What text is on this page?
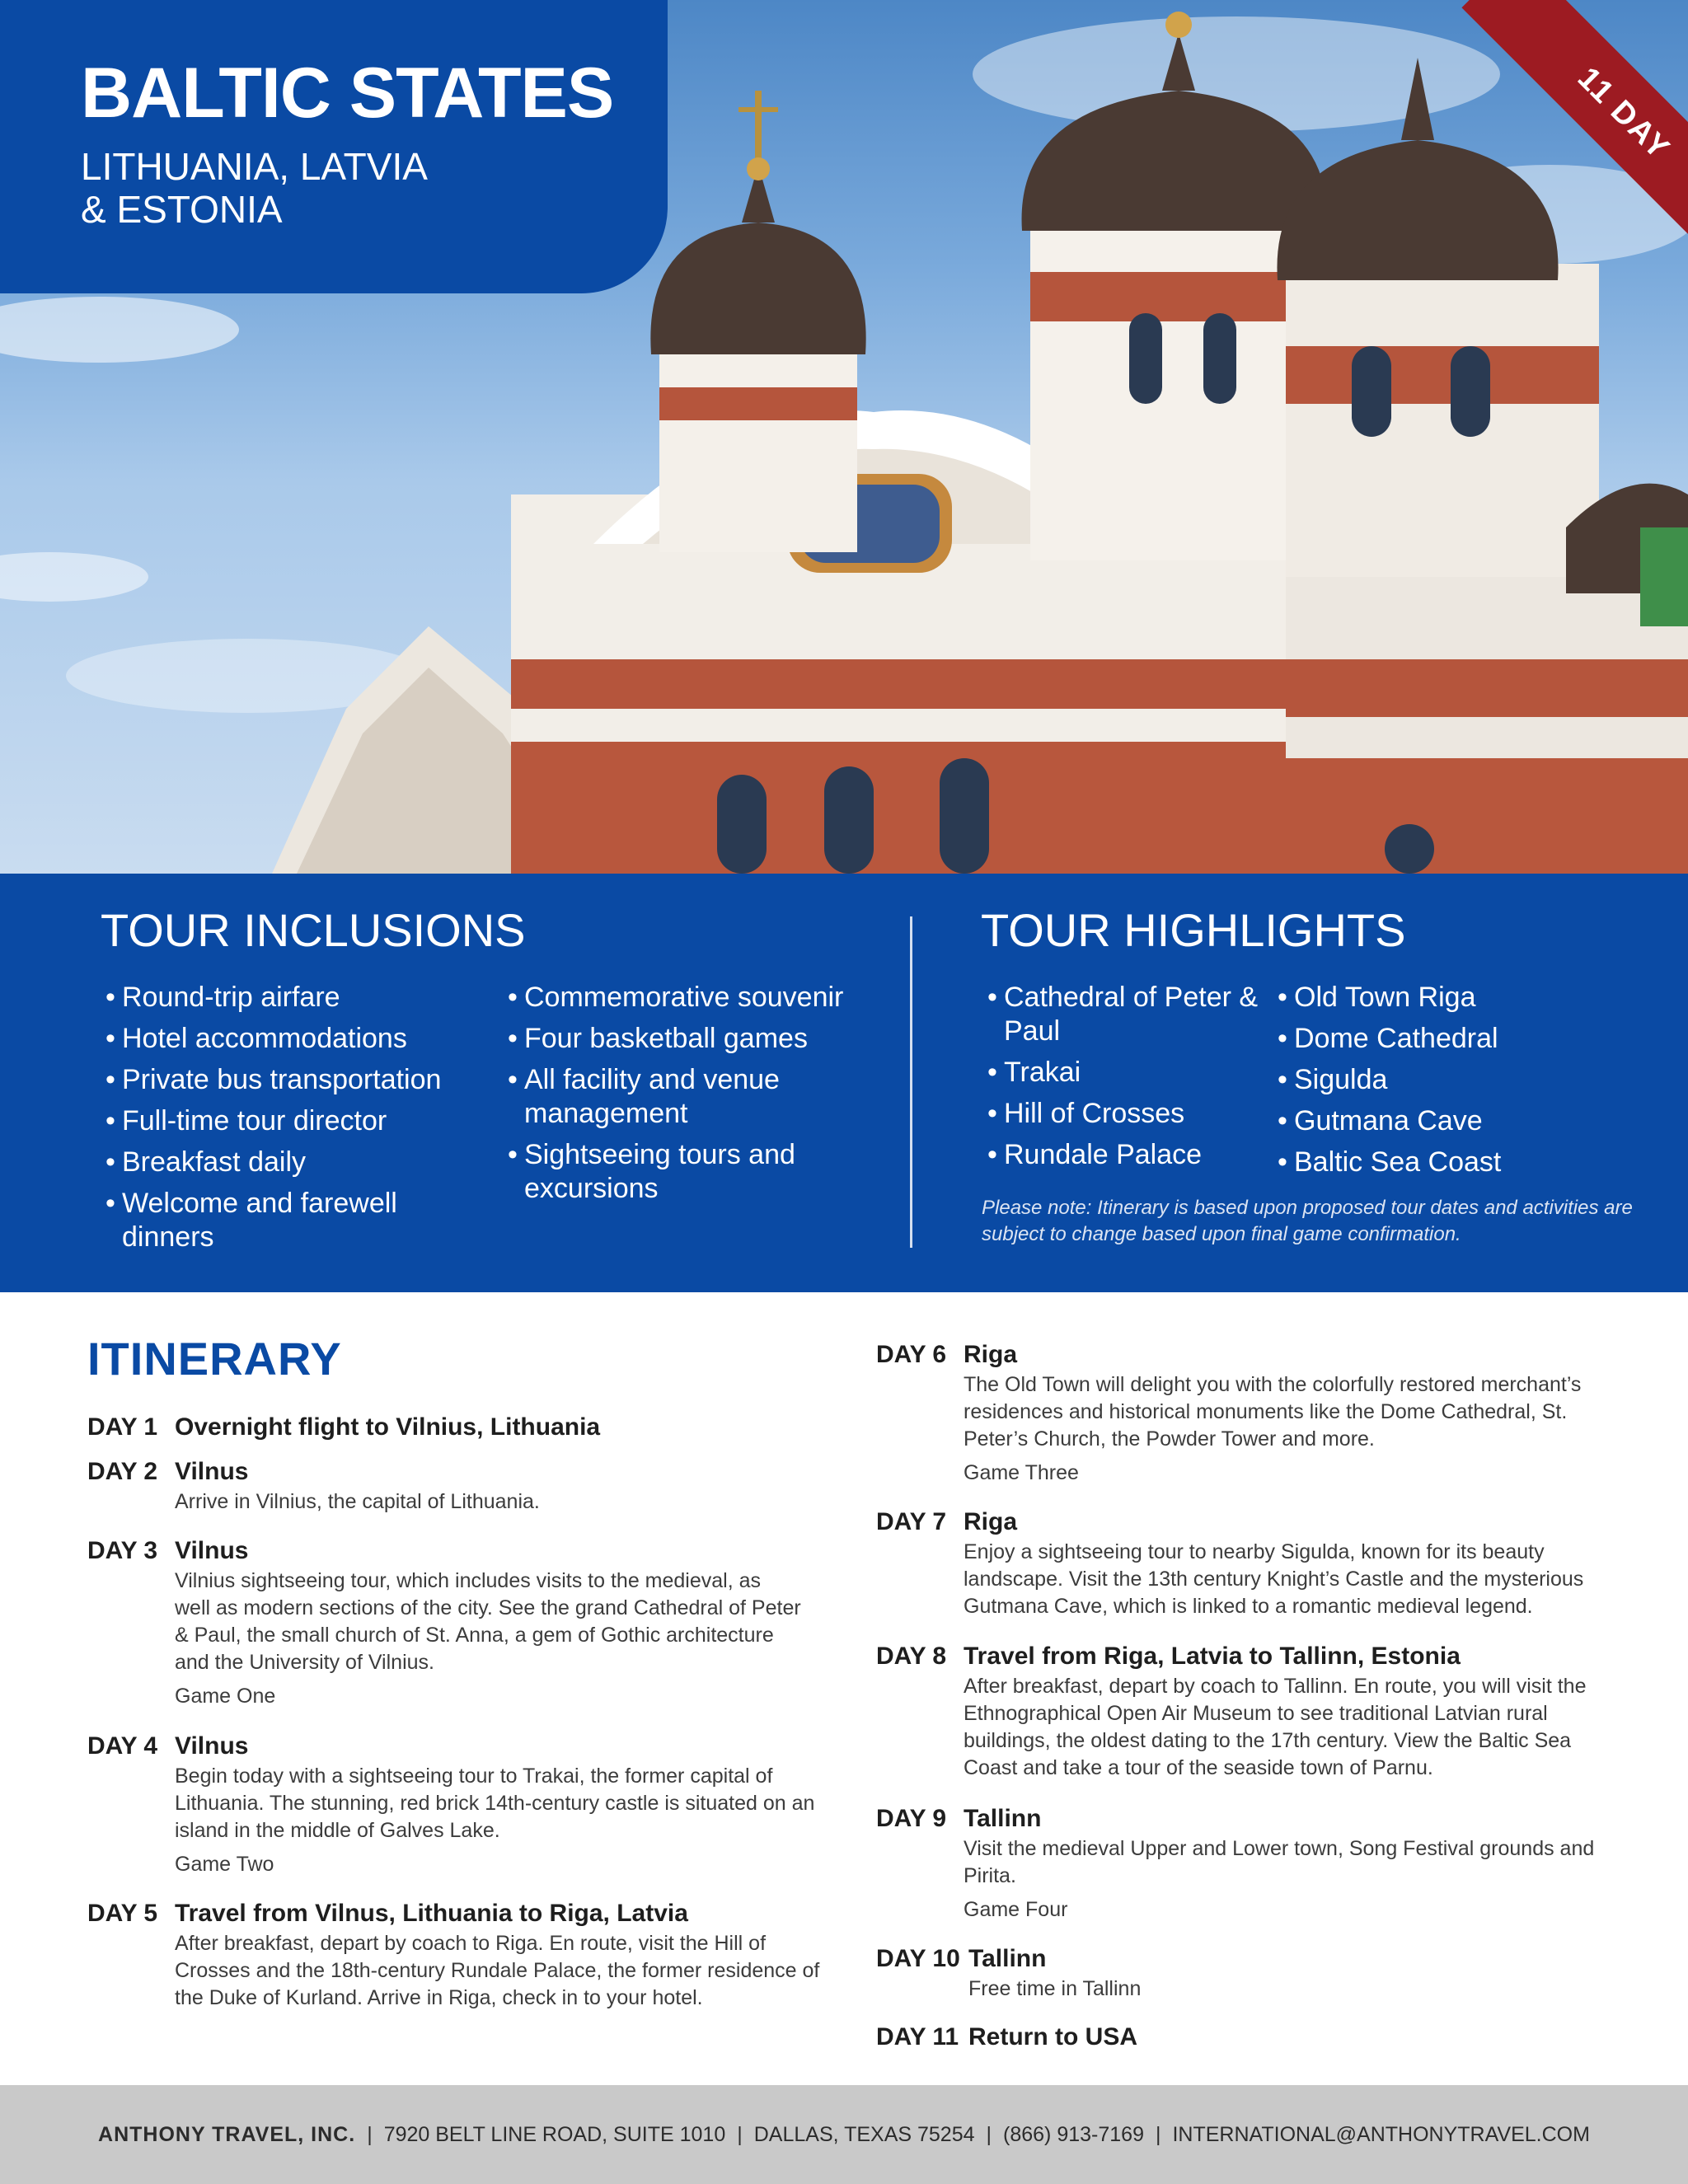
BALTIC STATES

LITHUANIA, LATVIA
& ESTONIA

11 DAY
TOUR INCLUSIONS
• Round-trip airfare
• Hotel accommodations
• Private bus transportation
• Full-time tour director
• Breakfast daily
• Welcome and farewell dinners
• Commemorative souvenir
• Four basketball games
• All facility and venue management
• Sightseeing tours and excursions
TOUR HIGHLIGHTS
• Cathedral of Peter & Paul
• Trakai
• Hill of Crosses
• Rundale Palace
• Old Town Riga
• Dome Cathedral
• Sigulda
• Gutmana Cave
• Baltic Sea Coast

Please note: Itinerary is based upon proposed tour dates and activities are subject to change based upon final game confirmation.

ITINERARY
DAY 1 Overnight flight to Vilnius, Lithuania
DAY 2 Vilnus
Arrive in Vilnius, the capital of Lithuania.
DAY 3 Vilnus
Vilnius sightseeing tour, which includes visits to the medieval, as well as modern sections of the city. See the grand Cathedral of Peter & Paul, the small church of St. Anna, a gem of Gothic architecture and the University of Vilnius.
Game One
DAY 4 Vilnus
Begin today with a sightseeing tour to Trakai, the former capital of Lithuania. The stunning, red brick 14th-century castle is situated on an island in the middle of Galves Lake.
Game Two
DAY 5 Travel from Vilnus, Lithuania to Riga, Latvia
After breakfast, depart by coach to Riga. En route, visit the Hill of Crosses and the 18th-century Rundale Palace, the former residence of the Duke of Kurland. Arrive in Riga, check in to your hotel.
DAY 6 Riga
The Old Town will delight you with the colorfully restored merchant’s residences and historical monuments like the Dome Cathedral, St. Peter’s Church, the Powder Tower and more.
Game Three
DAY 7 Riga
Enjoy a sightseeing tour to nearby Sigulda, known for its beauty landscape. Visit the 13th century Knight’s Castle and the mysterious Gutmana Cave, which is linked to a romantic medieval legend.
DAY 8 Travel from Riga, Latvia to Tallinn, Estonia
After breakfast, depart by coach to Tallinn. En route, you will visit the Ethnographical Open Air Museum to see traditional Latvian rural buildings, the oldest dating to the 17th century. View the Baltic Sea Coast and take a tour of the seaside town of Parnu.
DAY 9 Tallinn
Visit the medieval Upper and Lower town, Song Festival grounds and Pirita.
Game Four
DAY 10 Tallinn
Free time in Tallinn
DAY 11 Return to USA
ANTHONY TRAVEL, INC. | 7920 BELT LINE ROAD, SUITE 1010 | DALLAS, TEXAS 75254 | (866) 913-7169 | INTERNATIONAL@ANTHONYTRAVEL.COM
